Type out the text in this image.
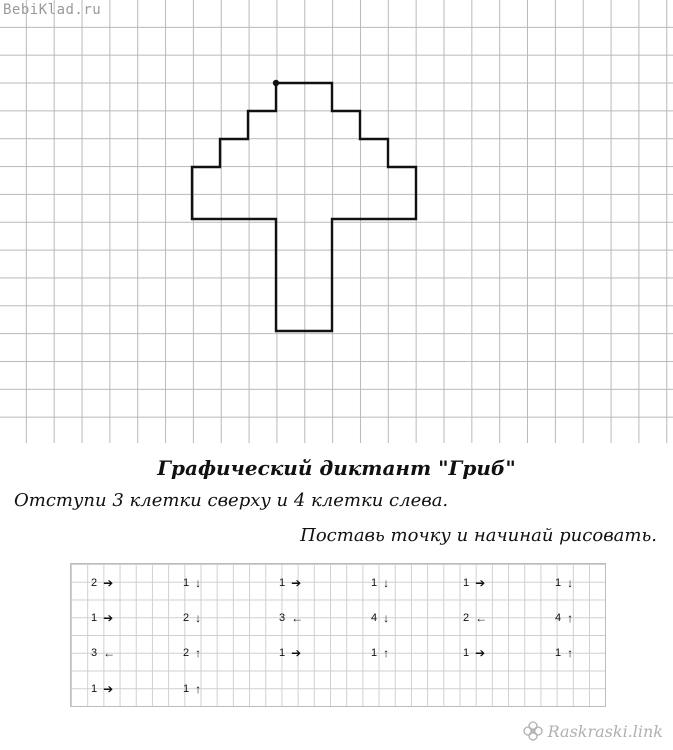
BebiKlad.ru
Графический диктант "Гриб"
Отступи 3 клетки сверху и 4 клетки слева.
Поставь точку и начинай рисовать.
2 ➔	1 ↓	1 ➔	1 ↓	1 ➔	1 ↓
1 ➔	2 ↓	3 ←	4 ↓	2 ←	4 ↑
3 ←	2 ↑	1 ➔	1 ↑	1 ➔	1 ↑
1 ➔	1 ↑
Raskraski.link
